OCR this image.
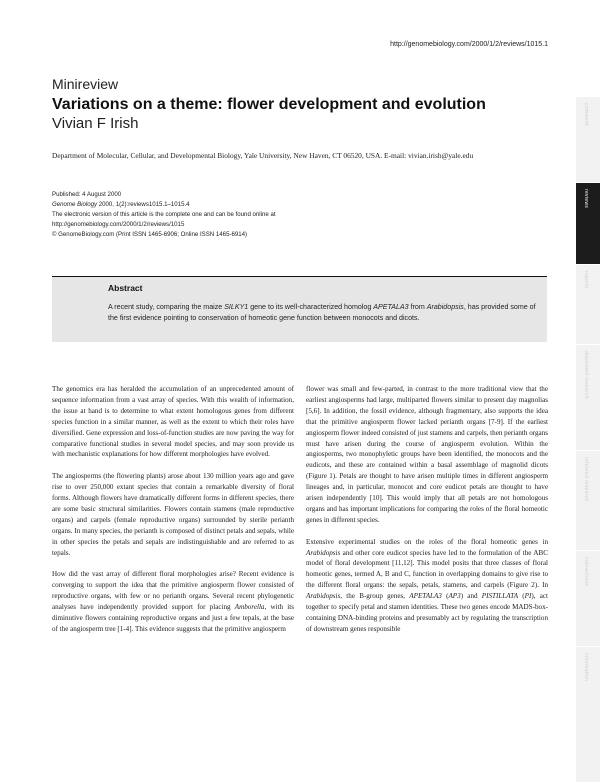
http://genomebiology.com/2000/1/2/reviews/1015.1
Minireview
Variations on a theme: flower development and evolution
Vivian F Irish
Department of Molecular, Cellular, and Developmental Biology, Yale University, New Haven, CT 06520, USA. E-mail: vivian.irish@yale.edu
Published: 4 August 2000
Genome Biology 2000, 1(2):reviews1015.1–1015.4
The electronic version of this article is the complete one and can be found online at http://genomebiology.com/2000/1/2/reviews/1015
© GenomeBiology.com (Print ISSN 1465-6906; Online ISSN 1465-6914)
Abstract
A recent study, comparing the maize SILKY1 gene to its well-characterized homolog APETALA3 from Arabidopsis, has provided some of the first evidence pointing to conservation of homeotic gene function between monocots and dicots.

The genomics era has heralded the accumulation of an unprecedented amount of sequence information from a vast array of species. With this wealth of information, the issue at hand is to determine to what extent homologous genes from different species function in a similar manner, as well as the extent to which their roles have diversified. Gene expression and loss-of-function studies are now paving the way for comparative functional studies in several model species, and may soon provide us with mechanistic explanations for how different morphologies have evolved.

The angiosperms (the flowering plants) arose about 130 million years ago and gave rise to over 250,000 extant species that contain a remarkable diversity of floral forms. Although flowers have dramatically different forms in different species, there are some basic structural similarities. Flowers contain stamens (male reproductive organs) and carpels (female reproductive organs) surrounded by sterile perianth organs. In many species, the perianth is composed of distinct petals and sepals, while in other species the petals and sepals are indistinguishable and are referred to as tepals.

How did the vast array of different floral morphologies arise? Recent evidence is converging to support the idea that the primitive angiosperm flower consisted of reproductive organs, with few or no perianth organs. Several recent phylogenetic analyses have independently provided support for placing Amborella, with its diminutive flowers containing reproductive organs and just a few tepals, at the base of the angiosperm tree [1-4]. This evidence suggests that the primitive angiosperm

flower was small and few-parted, in contrast to the more traditional view that the earliest angiosperms had large, multiparted flowers similar to present day magnolias [5,6]. In addition, the fossil evidence, although fragmentary, also supports the idea that the primitive angiosperm flower lacked perianth organs [7-9]. If the earliest angiosperm flower indeed consisted of just stamens and carpels, then perianth organs must have arisen during the course of angiosperm evolution. Within the angiosperms, two monophyletic groups have been identified, the monocots and the eudicots, and these are contained within a basal assemblage of magnolid dicots (Figure 1). Petals are thought to have arisen multiple times in different angiosperm lineages and, in particular, monocot and core eudicot petals are thought to have arisen independently [10]. This would imply that all petals are not homologous organs and has important implications for comparing the roles of the floral homeotic genes in different species.

Extensive experimental studies on the roles of the floral homeotic genes in Arabidopsis and other core eudicot species have led to the formulation of the ABC model of floral development [11,12]. This model posits that three classes of floral homeotic genes, termed A, B and C, function in overlapping domains to give rise to the different floral organs: the sepals, petals, stamens, and carpels (Figure 2). In Arabidopsis, the B-group genes, APETALA3 (AP3) and PISTILLATA (PI), act together to specify petal and stamen identities. These two genes encode MADS-box-containing DNA-binding proteins and presumably act by regulating the transcription of downstream genes responsible

comment
reviews
reports
deposited research
refereed research
interactions
information
